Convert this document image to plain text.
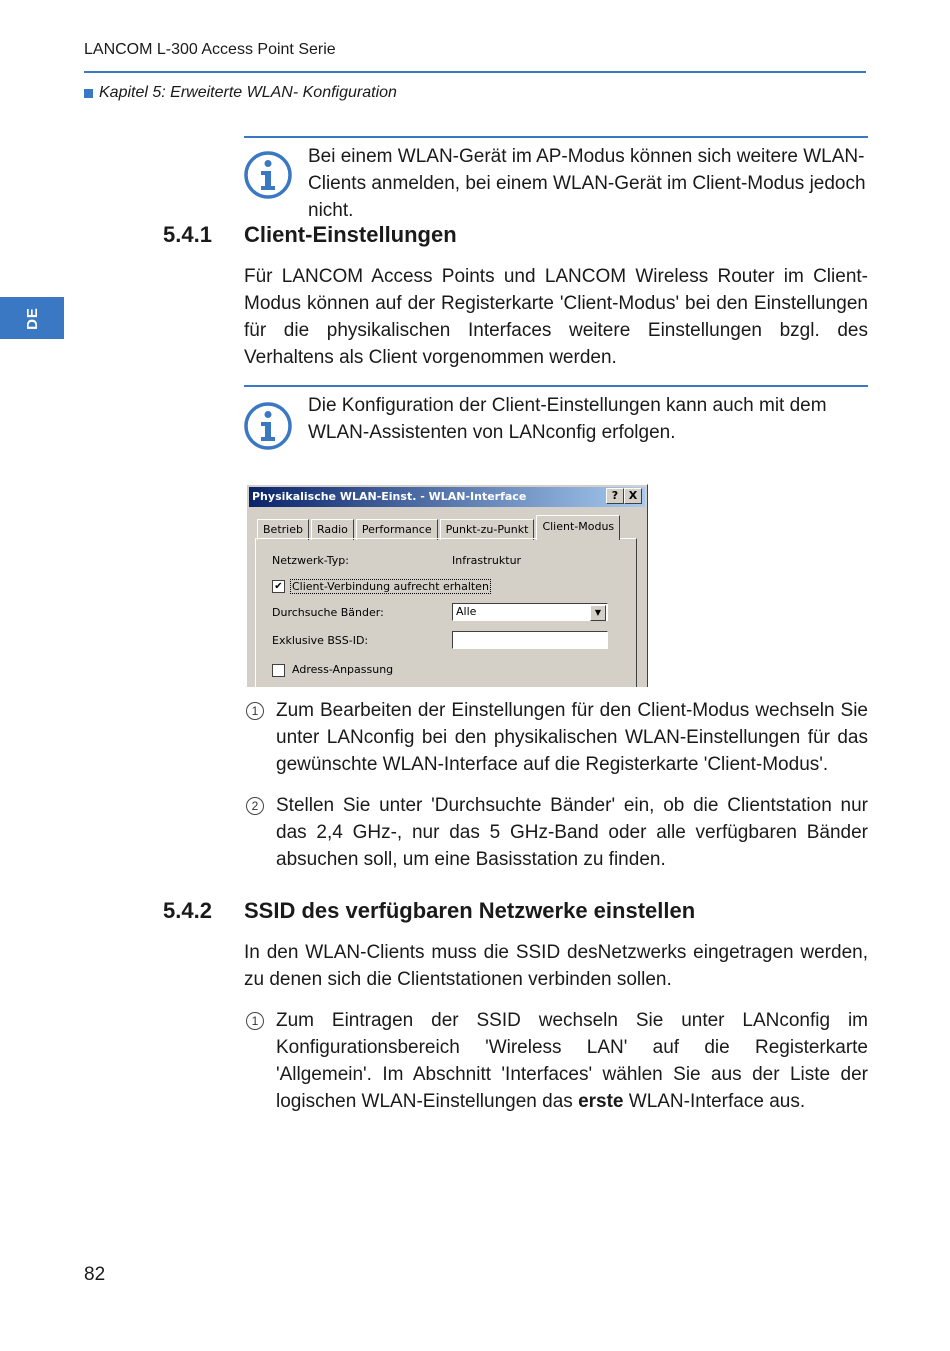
LANCOM L-300 Access Point Serie
Kapitel 5: Erweiterte WLAN- Konfiguration
DE
Bei einem WLAN-Gerät im AP-Modus können sich weitere WLAN-Clients anmelden, bei einem WLAN-Gerät im Client-Modus jedoch nicht.
5.4.1 Client-Einstellungen
Für LANCOM Access Points und LANCOM Wireless Router im Client-Modus können auf der Registerkarte 'Client-Modus' bei den Einstellungen für die physikalischen Interfaces weitere Einstellungen bzgl. des Verhaltens als Client vorgenommen werden.
Die Konfiguration der Client-Einstellungen kann auch mit dem WLAN-Assistenten von LANconfig erfolgen.
Physikalische WLAN-Einst. - WLAN-Interface	? X
Betrieb	Radio	Performance	Punkt-zu-Punkt	Client-Modus
Netzwerk-Typ:	Infrastruktur
✔ Client-Verbindung aufrecht erhalten
Durchsuche Bänder:	Alle	▼
Exklusive BSS-ID:
Adress-Anpassung
1 Zum Bearbeiten der Einstellungen für den Client-Modus wechseln Sie unter LANconfig bei den physikalischen WLAN-Einstellungen für das gewünschte WLAN-Interface auf die Registerkarte 'Client-Modus'.
2 Stellen Sie unter 'Durchsuchte Bänder' ein, ob die Clientstation nur das 2,4 GHz-, nur das 5 GHz-Band oder alle verfügbaren Bänder absuchen soll, um eine Basisstation zu finden.
5.4.2 SSID des verfügbaren Netzwerke einstellen
In den WLAN-Clients muss die SSID desNetzwerks eingetragen werden, zu denen sich die Clientstationen verbinden sollen.
1 Zum Eintragen der SSID wechseln Sie unter LANconfig im Konfigurationsbereich 'Wireless LAN' auf die Registerkarte 'Allgemein'. Im Abschnitt 'Interfaces' wählen Sie aus der Liste der logischen WLAN-Einstellungen das erste WLAN-Interface aus.
82
